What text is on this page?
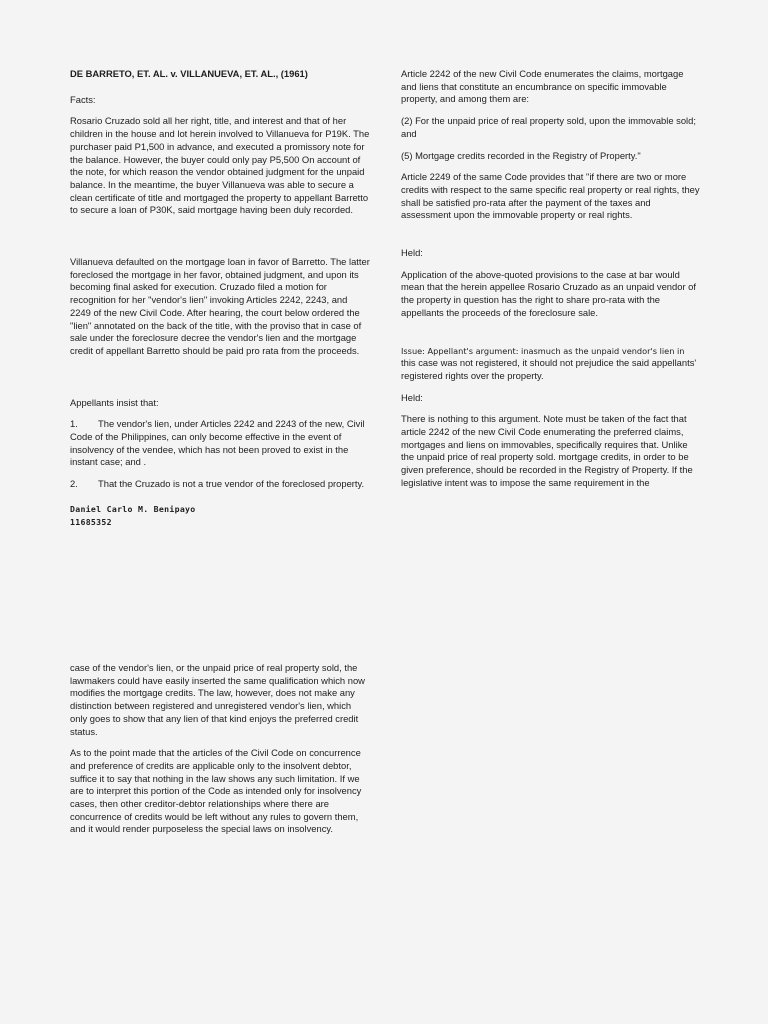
DE BARRETO, ET. AL. v. VILLANUEVA, ET. AL., (1961)

Facts:

Rosario Cruzado sold all her right, title, and interest and that of her children in the house and lot herein involved to Villanueva for P19K. The purchaser paid P1,500 in advance, and executed a promissory note for the balance. However, the buyer could only pay P5,500 On account of the note, for which reason the vendor obtained judgment for the unpaid balance. In the meantime, the buyer Villanueva was able to secure a clean certificate of title and mortgaged the property to appellant Barretto to secure a loan of P30K, said mortgage having been duly recorded.

Villanueva defaulted on the mortgage loan in favor of Barretto. The latter foreclosed the mortgage in her favor, obtained judgment, and upon its becoming final asked for execution. Cruzado filed a motion for recognition for her "vendor's lien" invoking Articles 2242, 2243, and 2249 of the new Civil Code. After hearing, the court below ordered the "lien" annotated on the back of the title, with the proviso that in case of sale under the foreclosure decree the vendor's lien and the mortgage credit of appellant Barretto should be paid pro rata from the proceeds.

Appellants insist that:

1. The vendor's lien, under Articles 2242 and 2243 of the new, Civil Code of the Philippines, can only become effective in the event of insolvency of the vendee, which has not been proved to exist in the instant case; and .

2. That the Cruzado is not a true vendor of the foreclosed property.

Daniel Carlo M. Benipayo
11685352

Article 2242 of the new Civil Code enumerates the claims, mortgage and liens that constitute an encumbrance on specific immovable property, and among them are:

(2) For the unpaid price of real property sold, upon the immovable sold; and

(5) Mortgage credits recorded in the Registry of Property."

Article 2249 of the same Code provides that "if there are two or more credits with respect to the same specific real property or real rights, they shall be satisfied pro-rata after the payment of the taxes and assessment upon the immovable property or real rights.

Held:

Application of the above-quoted provisions to the case at bar would mean that the herein appellee Rosario Cruzado as an unpaid vendor of the property in question has the right to share pro-rata with the appellants the proceeds of the foreclosure sale.

Issue: Appellant's argument: inasmuch as the unpaid vendor's lien in
this case was not registered, it should not prejudice the said appellants' registered rights over the property.

Held:

There is nothing to this argument. Note must be taken of the fact that article 2242 of the new Civil Code enumerating the preferred claims, mortgages and liens on immovables, specifically requires that. Unlike the unpaid price of real property sold. mortgage credits, in order to be given preference, should be recorded in the Registry of Property. If the legislative intent was to impose the same requirement in the

case of the vendor's lien, or the unpaid price of real property sold, the lawmakers could have easily inserted the same qualification which now modifies the mortgage credits. The law, however, does not make any distinction between registered and unregistered vendor's lien, which only goes to show that any lien of that kind enjoys the preferred credit status.

As to the point made that the articles of the Civil Code on concurrence and preference of credits are applicable only to the insolvent debtor, suffice it to say that nothing in the law shows any such limitation. If we are to interpret this portion of the Code as intended only for insolvency cases, then other creditor-debtor relationships where there are concurrence of credits would be left without any rules to govern them, and it would render purposeless the special laws on insolvency.
